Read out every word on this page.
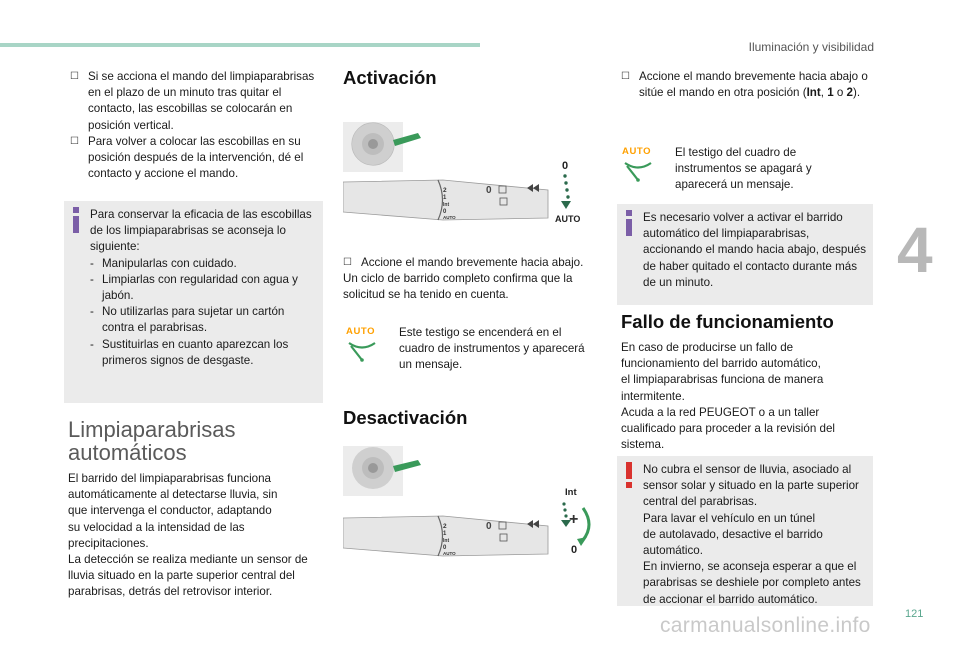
Iluminación y visibilidad
4
121
☐ Si se acciona el mando del limpiaparabrisas en el plazo de un minuto tras quitar el contacto, las escobillas se colocarán en posición vertical.
☐ Para volver a colocar las escobillas en su posición después de la intervención, dé el contacto y accione el mando.
Para conservar la eficacia de las escobillas de los limpiaparabrisas se aconseja lo siguiente:
- Manipularlas con cuidado.
- Limpiarlas con regularidad con agua y jabón.
- No utilizarlas para sujetar un cartón contra el parabrisas.
- Sustituirlas en cuanto aparezcan los primeros signos de desgaste.
Limpiaparabrisas
automáticos
El barrido del limpiaparabrisas funciona
automáticamente al detectarse lluvia, sin
que intervenga el conductor, adaptando
su velocidad a la intensidad de las
precipitaciones.
La detección se realiza mediante un sensor de
lluvia situado en la parte superior central del
parabrisas, detrás del retrovisor interior.
Activación
2
1
Int
0
AUTO
0
0
AUTO
☐ Accione el mando brevemente hacia abajo.
Un ciclo de barrido completo confirma que la solicitud se ha tenido en cuenta.
AUTO Este testigo se encenderá en el cuadro de instrumentos y aparecerá un mensaje.
Desactivación
2
1
Int
0
AUTO
0	+
Int
0
☐ Accione el mando brevemente hacia abajo o sitúe el mando en otra posición (Int, 1 o 2).
AUTO El testigo del cuadro de instrumentos se apagará y aparecerá un mensaje.
Es necesario volver a activar el barrido automático del limpiaparabrisas, accionando el mando hacia abajo, después de haber quitado el contacto durante más de un minuto.
Fallo de funcionamiento
En caso de producirse un fallo de
funcionamiento del barrido automático,
el limpiaparabrisas funciona de manera
intermitente.
Acuda a la red PEUGEOT o a un taller
cualificado para proceder a la revisión del
sistema.
No cubra el sensor de lluvia, asociado al
sensor solar y situado en la parte superior
central del parabrisas.
Para lavar el vehículo en un túnel
de autolavado, desactive el barrido
automático.
En invierno, se aconseja esperar a que el
parabrisas se deshiele por completo antes
de accionar el barrido automático.
carmanualsonline.info
